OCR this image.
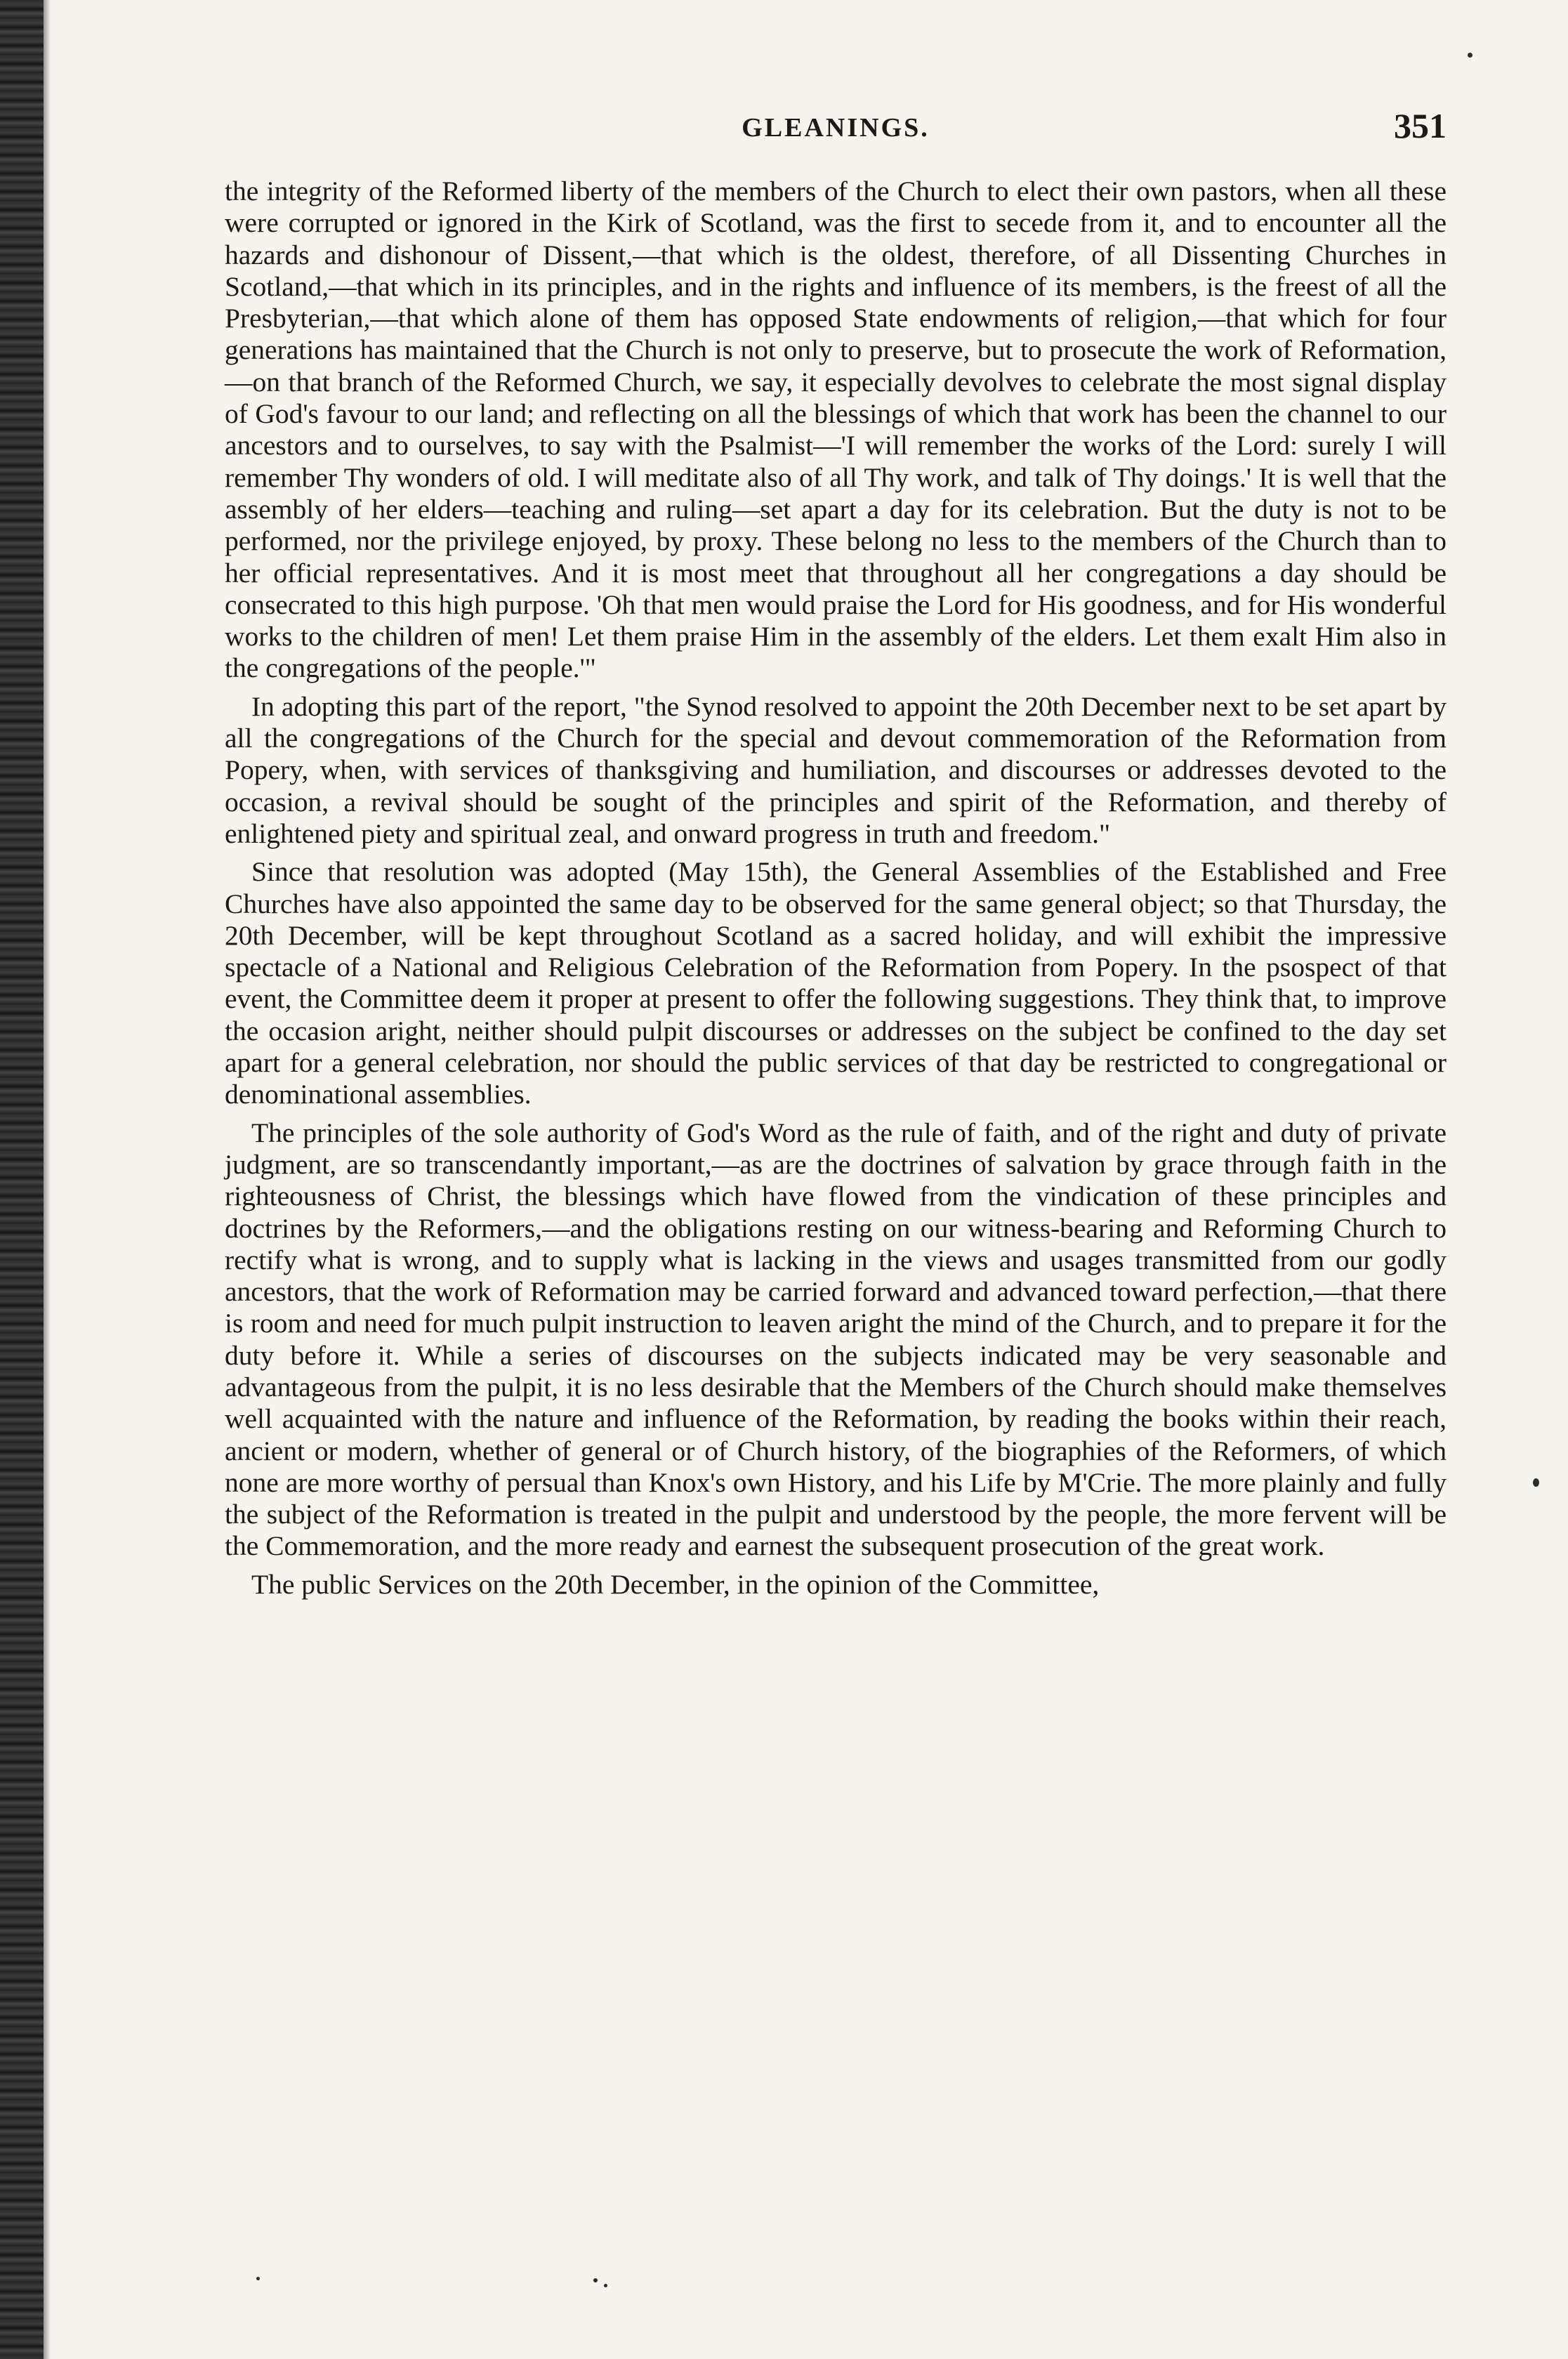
GLEANINGS.	351

the integrity of the Reformed liberty of the members of the Church to elect their own pastors, when all these were corrupted or ignored in the Kirk of Scotland, was the first to secede from it, and to encounter all the hazards and dishonour of Dissent,—that which is the oldest, therefore, of all Dissenting Churches in Scotland,—that which in its principles, and in the rights and influence of its members, is the freest of all the Presbyterian,—that which alone of them has opposed State endowments of religion,—that which for four generations has maintained that the Church is not only to preserve, but to prosecute the work of Reformation,—on that branch of the Reformed Church, we say, it especially devolves to celebrate the most signal display of God's favour to our land; and reflecting on all the blessings of which that work has been the channel to our ancestors and to ourselves, to say with the Psalmist—'I will remember the works of the Lord: surely I will remember Thy wonders of old. I will meditate also of all Thy work, and talk of Thy doings.' It is well that the assembly of her elders—teaching and ruling—set apart a day for its celebration. But the duty is not to be performed, nor the privilege enjoyed, by proxy. These belong no less to the members of the Church than to her official representatives. And it is most meet that throughout all her congregations a day should be consecrated to this high purpose. 'Oh that men would praise the Lord for His goodness, and for His wonderful works to the children of men! Let them praise Him in the assembly of the elders. Let them exalt Him also in the congregations of the people.'"

In adopting this part of the report, "the Synod resolved to appoint the 20th December next to be set apart by all the congregations of the Church for the special and devout commemoration of the Reformation from Popery, when, with services of thanksgiving and humiliation, and discourses or addresses devoted to the occasion, a revival should be sought of the principles and spirit of the Reformation, and thereby of enlightened piety and spiritual zeal, and onward progress in truth and freedom."

Since that resolution was adopted (May 15th), the General Assemblies of the Established and Free Churches have also appointed the same day to be observed for the same general object; so that Thursday, the 20th December, will be kept throughout Scotland as a sacred holiday, and will exhibit the impressive spectacle of a National and Religious Celebration of the Reformation from Popery. In the psospect of that event, the Committee deem it proper at present to offer the following suggestions. They think that, to improve the occasion aright, neither should pulpit discourses or addresses on the subject be confined to the day set apart for a general celebration, nor should the public services of that day be restricted to congregational or denominational assemblies.

The principles of the sole authority of God's Word as the rule of faith, and of the right and duty of private judgment, are so transcendantly important,—as are the doctrines of salvation by grace through faith in the righteousness of Christ, the blessings which have flowed from the vindication of these principles and doctrines by the Reformers,—and the obligations resting on our witness-bearing and Reforming Church to rectify what is wrong, and to supply what is lacking in the views and usages transmitted from our godly ancestors, that the work of Reformation may be carried forward and advanced toward perfection,—that there is room and need for much pulpit instruction to leaven aright the mind of the Church, and to prepare it for the duty before it. While a series of discourses on the subjects indicated may be very seasonable and advantageous from the pulpit, it is no less desirable that the Members of the Church should make themselves well acquainted with the nature and influence of the Reformation, by reading the books within their reach, ancient or modern, whether of general or of Church history, of the biographies of the Reformers, of which none are more worthy of persual than Knox's own History, and his Life by M'Crie. The more plainly and fully the subject of the Reformation is treated in the pulpit and understood by the people, the more fervent will be the Commemoration, and the more ready and earnest the subsequent prosecution of the great work.

The public Services on the 20th December, in the opinion of the Committee,
